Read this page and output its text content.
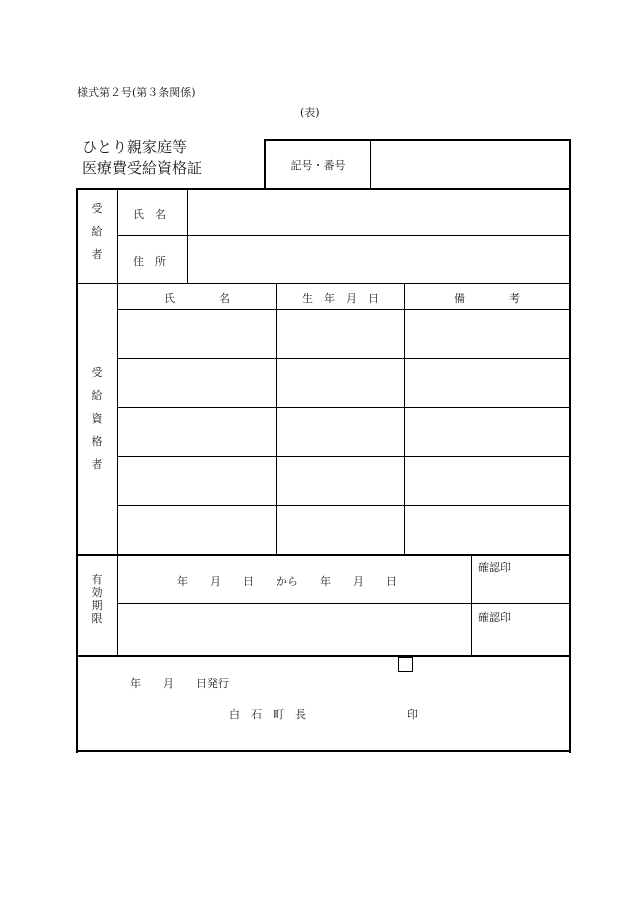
様式第２号(第３条関係)
(表)
ひとり親家庭等
医療費受給資格証	記号・番号
受
給
者
氏　名
住　所
受
給
資
格
者
氏　　　　名	生　年　月　日	備　　　　考
有
効
期
限
年　　月　　日　　から　　年　　月　　日
確認印
確認印
年　　月　　日発行
白　石　町　長	印
